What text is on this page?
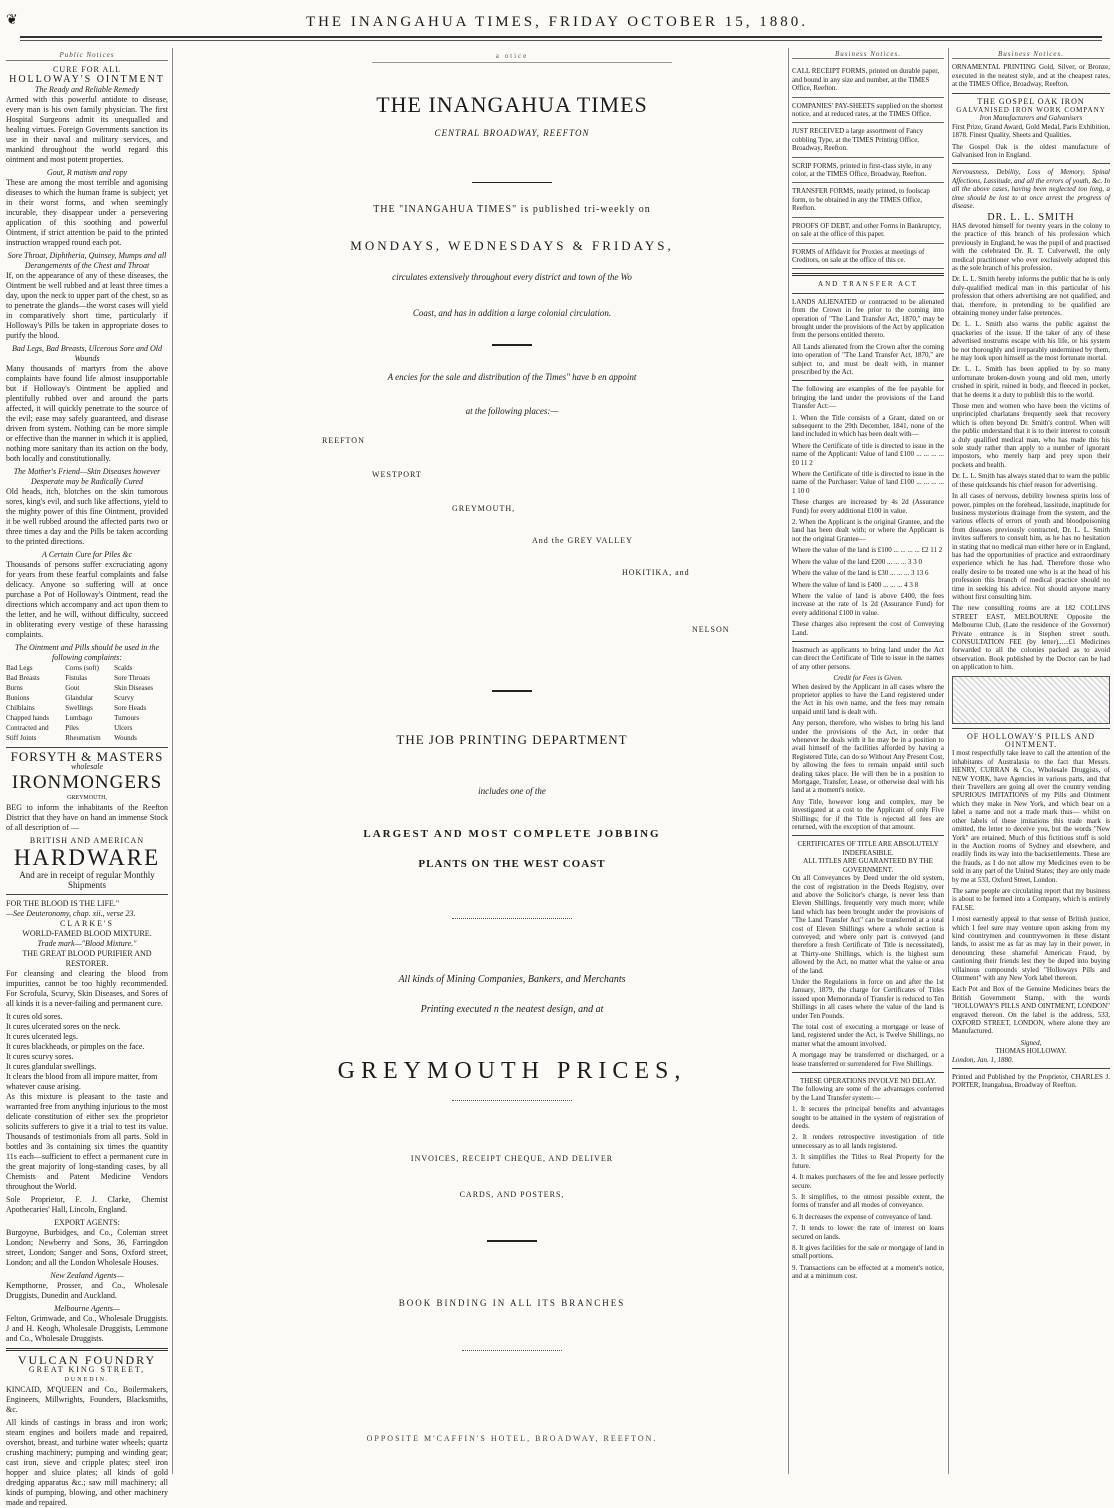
❦	THE INANGAHUA TIMES, FRIDAY OCTOBER 15, 1880.
Public Notices
CURE FOR ALL
HOLLOWAY'S OINTMENT
The Ready and Reliable Remedy

Armed with this powerful antidote to disease, every man is his own family physician. The first Hospital Surgeons admit its unequalled and healing virtues. Foreign Governments sanction its use in their naval and military services, and mankind throughout the world regard this ointment and most potent properties.

Gout, R matism and ropy

These are among the most terrible and agonising diseases to which the human frame is subject; yet in their worst forms, and when seemingly incurable, they disappear under a persevering application of this soothing and powerful Ointment, if strict attention be paid to the printed instruction wrapped round each pot.

Sore Throat, Diphtheria, Quinsey, Mumps and all Derangements of the Chest and Throat

If, on the appearance of any of these diseases, the Ointment be well rubbed and at least three times a day, upon the neck to upper part of the chest, so as to penetrate the glands—the worst cases will yield in comparatively short time, particularly if Holloway's Pills be taken in appropriate doses to purify the blood.

Bad Legs, Bad Breasts, Ulcerous Sore and Old Wounds

Many thousands of martyrs from the above complaints have found life almost insupportable but if Holloway's Ointment be applied and plentifully rubbed over and around the parts affected, it will quickly penetrate to the source of the evil; ease may safely guaranteed, and disease driven from system. Nothing can be more simple or effective than the manner in which it is applied, nothing more sanitary than its action on the body, both locally and constitutionally.

The Mother's Friend—Skin Diseases however Desperate may be Radically Cured

Old heads, itch, blotches on the skin tumorous sores, king's evil, and such like affections, yield to the mighty power of this fine Ointment, provided it be well rubbed around the affected parts two or three times a day and the Pills be taken according to the printed directions.

A Certain Cure for Piles &c

Thousands of persons suffer excruciating agony for years from these fearful complaints and false delicacy. Anyone so suffering will at once purchase a Pot of Holloway's Ointment, read the directions which accompany and act upon them to the letter, and he will, without difficulty, succeed in obliterating every vestige of these harassing complaints.

The Ointment and Pills should be used in the following complaints:
Bad Legs	Corns (soft)	Scalds
Bad Breasts	Fistulas	Sore Throats
Burns	Gout	Skin Diseases
Bunions	Glandular	Scurvy
Chilblains	Swellings	Sore Heads
Chapped hands	Lumbago	Tumours
Contracted and	Piles	Ulcers
Stiff Joints	Rheumatism	Wounds
FORSYTH & MASTERS
wholesale
IRONMONGERS
GREYMOUTH,

BEG to inform the inhabitants of the Reefton District that they have on hand an immense Stock of all description of —

BRITISH AND AMERICAN
HARDWARE
And are in receipt of regular Monthly Shipments
FOR THE BLOOD IS THE LIFE."
—See Deuteronomy, chap. xii., verse 23.
CLARKE'S
WORLD-FAMED BLOOD MIXTURE.
Trade mark—"Blood Mixture."
THE GREAT BLOOD PURIFIER AND RESTORER.

For cleansing and clearing the blood from impurities, cannot be too highly recommended. For Scrofula, Scurvy, Skin Diseases, and Sores of all kinds it is a never-failing and permanent cure.

It cures old sores.
It cures ulcerated sores on the neck.
It cures ulcerated legs.
It cures blackheads, or pimples on the face.
It cures scurvy sores.
It cures glandular swellings.
It clears the blood from all impure matter, from whatever cause arising.

As this mixture is pleasant to the taste and warranted free from anything injurious to the most delicate constitution of either sex the proprietor solicits sufferers to give it a trial to test its value. Thousands of testimonials from all parts. Sold in bottles and 3s containing six times the quantity 11s each—sufficient to effect a permanent cure in the great majority of long-standing cases, by all Chemists and Patent Medicine Vendors throughout the World.

Sole Proprietor, F. J. Clarke, Chemist Apothecaries' Hall, Lincoln, England.

EXPORT AGENTS:

Burgoyne, Burbidges, and Co., Coleman street London; Newberry and Sons, 36, Farringdon street, London; Sanger and Sons, Oxford street, London; and all the London Wholesale Houses.

New Zealand Agents—

Kempthorne, Prosser, and Co., Wholesale Druggists, Dunedin and Auckland.

Melbourne Agents—

Felton, Grimwade, and Co., Wholesale Druggists. J and H. Keogh, Wholesale Druggists, Lemmone and Co., Wholesale Druggists.

VULCAN FOUNDRY
GREAT KING STREET,
DUNEDIN.

KINCAID, M'QUEEN and Co., Boilermakers, Engineers, Millwrights, Founders, Blacksmiths, &c.

All kinds of castings in brass and iron work; steam engines and boilers made and repaired, overshot, breast, and turbine water wheels; quartz crushing machinery; pumping and winding gear; cast iron, sieve and cripple plates; steel iron hopper and sluice plates; all kinds of gold dredging apparatus &c.; saw mill machinery; all kinds of pumping, blowing, and other machinery made and repaired.

a otice
THE INANGAHUA TIMES
CENTRAL BROADWAY, REEFTON
THE "INANGAHUA TIMES" is published tri-weekly on
MONDAYS, WEDNESDAYS & FRIDAYS,
circulates extensively throughout every district and town of the Wo
Coast, and has in addition a large colonial circulation.
A encies for the sale and distribution of the Times" have b en appoint
at the following places:—
REEFTON
WESTPORT
GREYMOUTH,
And the GREY VALLEY
HOKITIKA, and
NELSON
THE JOB PRINTING DEPARTMENT
includes one of the
LARGEST AND MOST COMPLETE JOBBING
PLANTS ON THE WEST COAST
All kinds of Mining Companies, Bankers, and Merchants
Printing executed n the neatest design, and at
GREYMOUTH PRICES,
INVOICES, RECEIPT CHEQUE, AND DELIVER
CARDS, AND POSTERS,
BOOK BINDING IN ALL ITS BRANCHES
OPPOSITE M'CAFFIN'S HOTEL, BROADWAY, REEFTON.
Business Notices.
CALL RECEIPT FORMS, printed on durable paper, and bound in any size and number, at the TIMES Office, Reefton.
COMPANIES' PAY-SHEETS supplied on the shortest notice, and at reduced rates, at the TIMES Office.
JUST RECEIVED a large assortment of Fancy cobbling Type, at the TIMES Printing Office, Broadway, Reefton.
SCRIP FORMS, printed in first-class style, in any color, at the TIMES Office, Broadway, Reefton.
TRANSFER FORMS, neatly printed, to foolscap form, to be obtained in any the TIMES Office, Reefton.
PROOFS OF DEBT, and other Forms in Bankruptcy, on sale at the office of this paper.
FORMS of Affidavit for Proxies at meetings of Creditors, on sale at the office of this ce.
AND TRANSFER ACT

LANDS ALIENATED or contracted to be alienated from the Crown in fee prior to the coming into operation of "The Land Transfer Act, 1870," may be brought under the provisions of the Act by application from the persons entitled thereto.

All Lands alienated from the Crown after the coming into operation of "The Land Transfer Act, 1870," are subject to, and must be dealt with, in manner prescribed by the Act.

The following are examples of the fee payable for bringing the land under the provisions of the Land Transfer Act:—

1. When the Title consists of a Grant, dated on or subsequent to the 29th December, 1841, none of the land included in which has been dealt with—

Where the Certificate of title is directed to issue in the name of the Applicant: Value of land £100 ... ... ... ... £0 11 2

Where the Certificate of title is directed to issue in the name of the Purchaser: Value of land £100 ... ... ... ... 1 10 0

These charges are increased by 4s 2d (Assurance Fund) for every additional £100 in value.

2. When the Applicant is the original Grantee, and the land has been dealt with; or where the Applicant is not the original Grantee—

Where the value of the land is £100 ... ... ... ... £2 11 2

Where the value of the land £200 ... ... ... 3 3 0

Where the value of the land is £30 ... ... ... 3 13 6

Where the value of land is £400 ... ... ... 4 3 8

Where the value of land is above £400, the fees increase at the rate of 1s 2d (Assurance Fund) for every additional £100 in value.

These charges also represent the cost of Conveying Land.

Inasmuch as applicants to bring land under the Act can direct the Certificate of Title to issue in the names of any other persons.

Credit for Fees is Given.

When desired by the Applicant in all cases where the proprietor applies to have the Land registered under the Act in his own name, and the fees may remain unpaid until land is dealt with.

Any person, therefore, who wishes to bring his land under the provisions of the Act, in order that whenever he deals with it he may be in a position to avail himself of the facilities afforded by having a Registered Title, can do so Without Any Present Cost, by allowing the fees to remain unpaid until such dealing takes place. He will then be in a position to Mortgage, Transfer, Lease, or otherwise deal with his land at a moment's notice.

Any Title, however long and complex, may be investigated at a cost to the Applicant of only Five Shillings; for if the Title is rejected all fees are returned, with the exception of that amount.

CERTIFICATES OF TITLE ARE ABSOLUTELY INDEFEASIBLE.
ALL TITLES ARE GUARANTEED BY THE GOVERNMENT.

On all Conveyances by Deed under the old system, the cost of registration in the Deeds Registry, over and above the Solicitor's charge, is never less than Eleven Shillings, frequently very much more; while land which has been brought under the provisions of "The Land Transfer Act" can be transferred at a total cost of Eleven Shillings where a whole section is conveyed; and where only part is conveyed (and therefore a fresh Certificate of Title is necessitated), at Thirty-one Shillings, which is the highest sum allowed by the Act, no matter what the value or area of the land.

Under the Regulations in force on and after the 1st January, 1879, the charge for Certificates of Titles issued upon Memoranda of Transfer is reduced to Ten Shillings in all cases where the value of the land is under Ten Pounds.

The total cost of executing a mortgage or lease of land, registered under the Act, is Twelve Shillings, no matter what the amount involved.

A mortgage may be transferred or discharged, or a lease transferred or surrendered for Five Shillings.

THESE OPERATIONS INVOLVE NO DELAY.

The following are some of the advantages conferred by the Land Transfer system:—

1. It secures the principal benefits and advantages sought to be attained in the system of registration of deeds.

2. It renders retrospective investigation of title unnecessary as to all lands registered.

3. It simplifies the Titles to Real Property for the future.

4. It makes purchasers of the fee and lessee perfectly secure.

5. It simplifies, to the utmost possible extent, the forms of transfer and all modes of conveyance.

6. It decreases the expense of conveyance of land.

7. It tends to lower the rate of interest on loans secured on lands.

8. It gives facilities for the sale or mortgage of land in small portions.

9. Transactions can be effected at a moment's notice, and at a minimum cost.

Business Notices.

ORNAMENTAL PRINTING Gold, Silver, or Bronze, executed in the neatest style, and at the cheapest rates, at the TIMES Office, Broadway, Reefton.

THE GOSPEL OAK IRON
GALVANISED IRON WORK COMPANY
Iron Manufacturers and Galvanisers

First Prize, Grand Award, Gold Medal, Paris Exhibition, 1878. Finest Quality, Sheets and Qualities.

The Gospel Oak is the oldest manufacture of Galvanised Iron in England.

Nervousness, Debility, Loss of Memory, Spinal Affections, Lassitude, and all the errors of youth, &c. In all the above cases, having been neglected too long, a time should be lost to at once arrest the progress of disease.

DR. L. L. SMITH

HAS devoted himself for twenty years in the colony to the practice of this branch of his profession which previously in England, he was the pupil of and practised with the celebrated Dr. R. T. Culverwell, the only medical practitioner who ever exclusively adopted this as the sole branch of his profession.

Dr. L. L. Smith hereby informs the public that he is only duly-qualified medical man in this particular of his profession that others advertising are not qualified, and that, therefore, in pretending to be qualified are obtaining money under false pretences.

Dr. L. L. Smith also warns the public against the quackeries of the issue. If the taker of any of these advertised nostrums escape with his life, or his system be not thoroughly and irreparably undermined by them, he may look upon himself as the most fortunate mortal.

Dr. L. L. Smith has been applied to by so many unfortunate broken-down young and old men, utterly crushed in spirit, ruined in body, and fleeced in pocket, that he deems it a duty to publish this to the world.

Those men and women who have been the victims of unprincipled charlatans frequently seek that recovery which is often beyond Dr. Smith's control. When will the public understand that it is to their interest to consult a duly qualified medical man, who has made this his sole study rather than apply to a number of ignorant impostors, who merely harp and prey upon their pockets and health.

Dr. L. L. Smith has always stated that to warn the public of these quicksands his chief reason for advertising.

In all cases of nervous, debility lowness spirits loss of power, pimples on the forehead, lassitude, inaptitude for business mysterious drainage from the system, and the various effects of errors of youth and bloodpoisoning from diseases previously contracted, Dr. L. L. Smith invites sufferers to consult him, as he has no hesitation in stating that no medical man either here or in England, has had the opportunities of practice and extraordinary experience which he has had. Therefore those who really desire to be treated one who is at the head of his profession this branch of medical practice should no time in seeking his advice. Not should anyone marry without first consulting him.

The new consulting rooms are at 182 COLLINS STREET EAST, MELBOURNE Opposite the Melbourne Club, (Late the residence of the Governor) Private entrance is in Stephen street south. CONSULTATION FEE (by letter)......£1 Medicines forwarded to all the colonies packed as to avoid observation. Book published by the Doctor can be had on application to him.

OF HOLLOWAY'S PILLS AND OINTMENT.

I most respectfully take leave to call the attention of the inhabitants of Australasia to the fact that Messrs. HENRY, CURRAN & Co., Wholesale Druggists, of NEW YORK, have Agencies in various parts, and that their Travellers are going all over the country vending SPURIOUS IMITATIONS of my Pills and Ointment which they make in New York, and which bear on a label a name and not a trade mark thus— whilst on other labels of these imitations this trade mark is omitted, the letter to deceive you, but the words "New York" are retained. Much of this fictitious stuff is sold in the Auction rooms of Sydney and elsewhere, and readily finds its way into the backsettlements. These are the frauds, as I do not allow my Medicines even to be sold in any part of the United States; they are only made by me at 533, Oxford Street, London.

The same people are circulating report that my business is about to be formed into a Company, which is entirely FALSE.

I most earnestly appeal to that sense of British justice, which I feel sure may venture upon asking from my kind countrymen and countrywomen in these distant lands, to assist me as far as may lay in their power, in denouncing these shameful American Fraud, by cautioning their friends lest they be duped into buying villainous compounds styled "Holloways Pills and Ointment" with any New York label thereon.

Each Pot and Box of the Genuine Medicines bears the British Government Stamp, with the words "HOLLOWAY'S PILLS AND OINTMENT, LONDON" engraved thereon. On the label is the address, 533, OXFORD STREET, LONDON, where alone they are Manufactured.

Signed,
THOMAS HOLLOWAY.
London, Jan. 1, 1880.

Printed and Published by the Proprietor, CHARLES J. PORTER, Inangahua, Broadway of Reefton.
